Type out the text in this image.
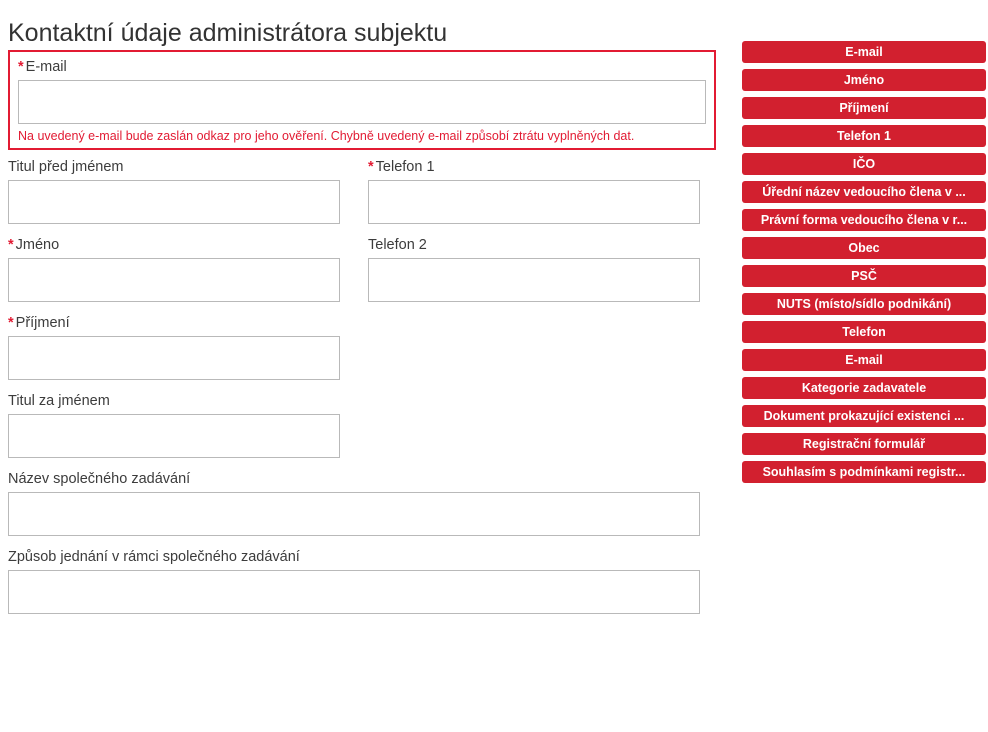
Kontaktní údaje administrátora subjektu
* E-mail
Na uvedený e-mail bude zaslán odkaz pro jeho ověření. Chybně uvedený e-mail způsobí ztrátu vyplněných dat.
Titul před jménem	* Telefon 1
* Jméno	Telefon 2
* Příjmení
Titul za jménem
Název společného zadávání
Způsob jednání v rámci společného zadávání
E-mail
Jméno
Příjmení
Telefon 1
IČO
Úřední název vedoucího člena v ...
Právní forma vedoucího člena v r...
Obec
PSČ
NUTS (místo/sídlo podnikání)
Telefon
E-mail
Kategorie zadavatele
Dokument prokazující existenci ...
Registrační formulář
Souhlasím s podmínkami registr...
